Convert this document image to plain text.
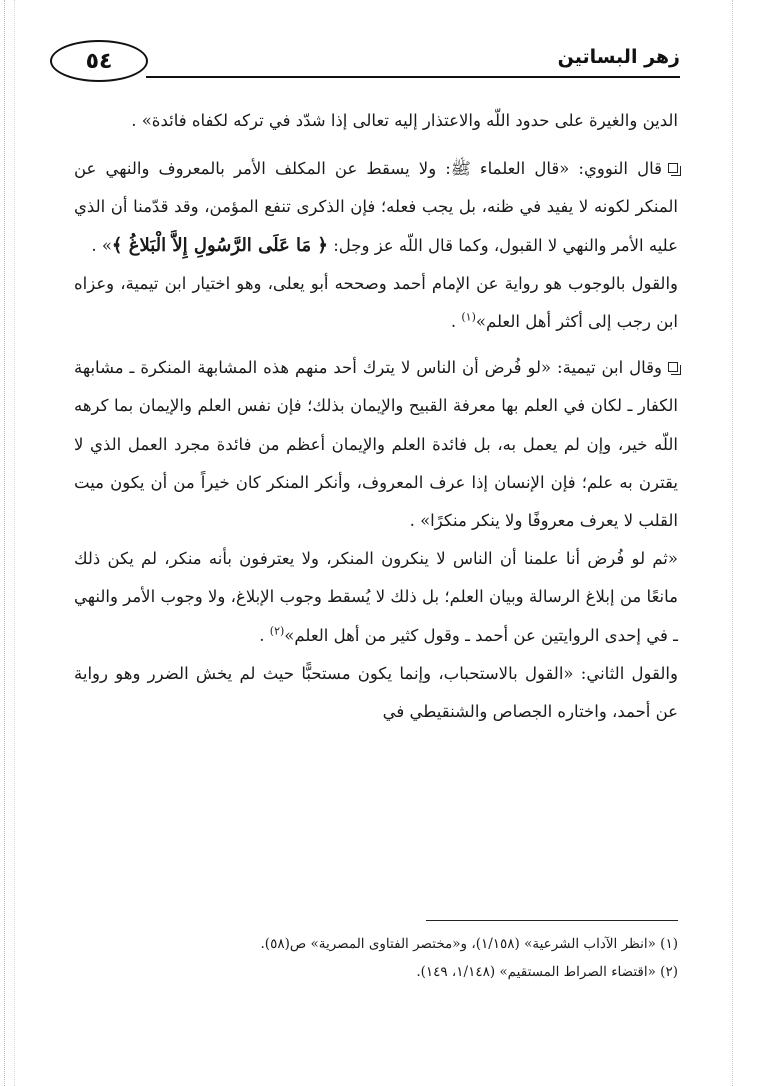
زهر البساتين
٥٤

الدين والغيرة على حدود اللّه والاعتذار إليه تعالى إذا شدّد في تركه لكفاه فائدة» .

قال النووي: «قال العلماء ﷺ: ولا يسقط عن المكلف الأمر بالمعروف والنهي عن المنكر لكونه لا يفيد في ظنه، بل يجب فعله؛ فإن الذكرى تنفع المؤمن، وقد قدّمنا أن الذي عليه الأمر والنهي لا القبول، وكما قال اللّه عز وجل: ﴿ مَا عَلَى الرَّسُولِ إِلاَّ الْبَلاغُ ﴾» .

والقول بالوجوب هو رواية عن الإمام أحمد وصححه أبو يعلى، وهو اختيار ابن تيمية، وعزاه ابن رجب إلى أكثر أهل العلم»$^{(١)}$ .

وقال ابن تيمية: «لو فُرض أن الناس لا يترك أحد منهم هذه المشابهة المنكرة ـ مشابهة الكفار ـ لكان في العلم بها معرفة القبيح والإيمان بذلك؛ فإن نفس العلم والإيمان بما كرهه اللّه خير، وإن لم يعمل به، بل فائدة العلم والإيمان أعظم من فائدة مجرد العمل الذي لا يقترن به علم؛ فإن الإنسان إذا عرف المعروف، وأنكر المنكر كان خيراً من أن يكون ميت القلب لا يعرف معروفًا ولا ينكر منكرًا» .

«ثم لو فُرض أنا علمنا أن الناس لا ينكرون المنكر، ولا يعترفون بأنه منكر، لم يكن ذلك مانعًا من إبلاغ الرسالة وبيان العلم؛ بل ذلك لا يُسقط وجوب الإبلاغ، ولا وجوب الأمر والنهي ـ في إحدى الروايتين عن أحمد ـ وقول كثير من أهل العلم»$^{(٢)}$ .

والقول الثاني: «القول بالاستحباب، وإنما يكون مستحبًّا حيث لم يخش الضرر وهو رواية عن أحمد، واختاره الجصاص والشنقيطي في

(١) «انظر الآداب الشرعية» (١/١٥٨)، و«مختصر الفتاوى المصرية» ص(٥٨).

(٢) «اقتضاء الصراط المستقيم» (١/١٤٨، ١٤٩).
